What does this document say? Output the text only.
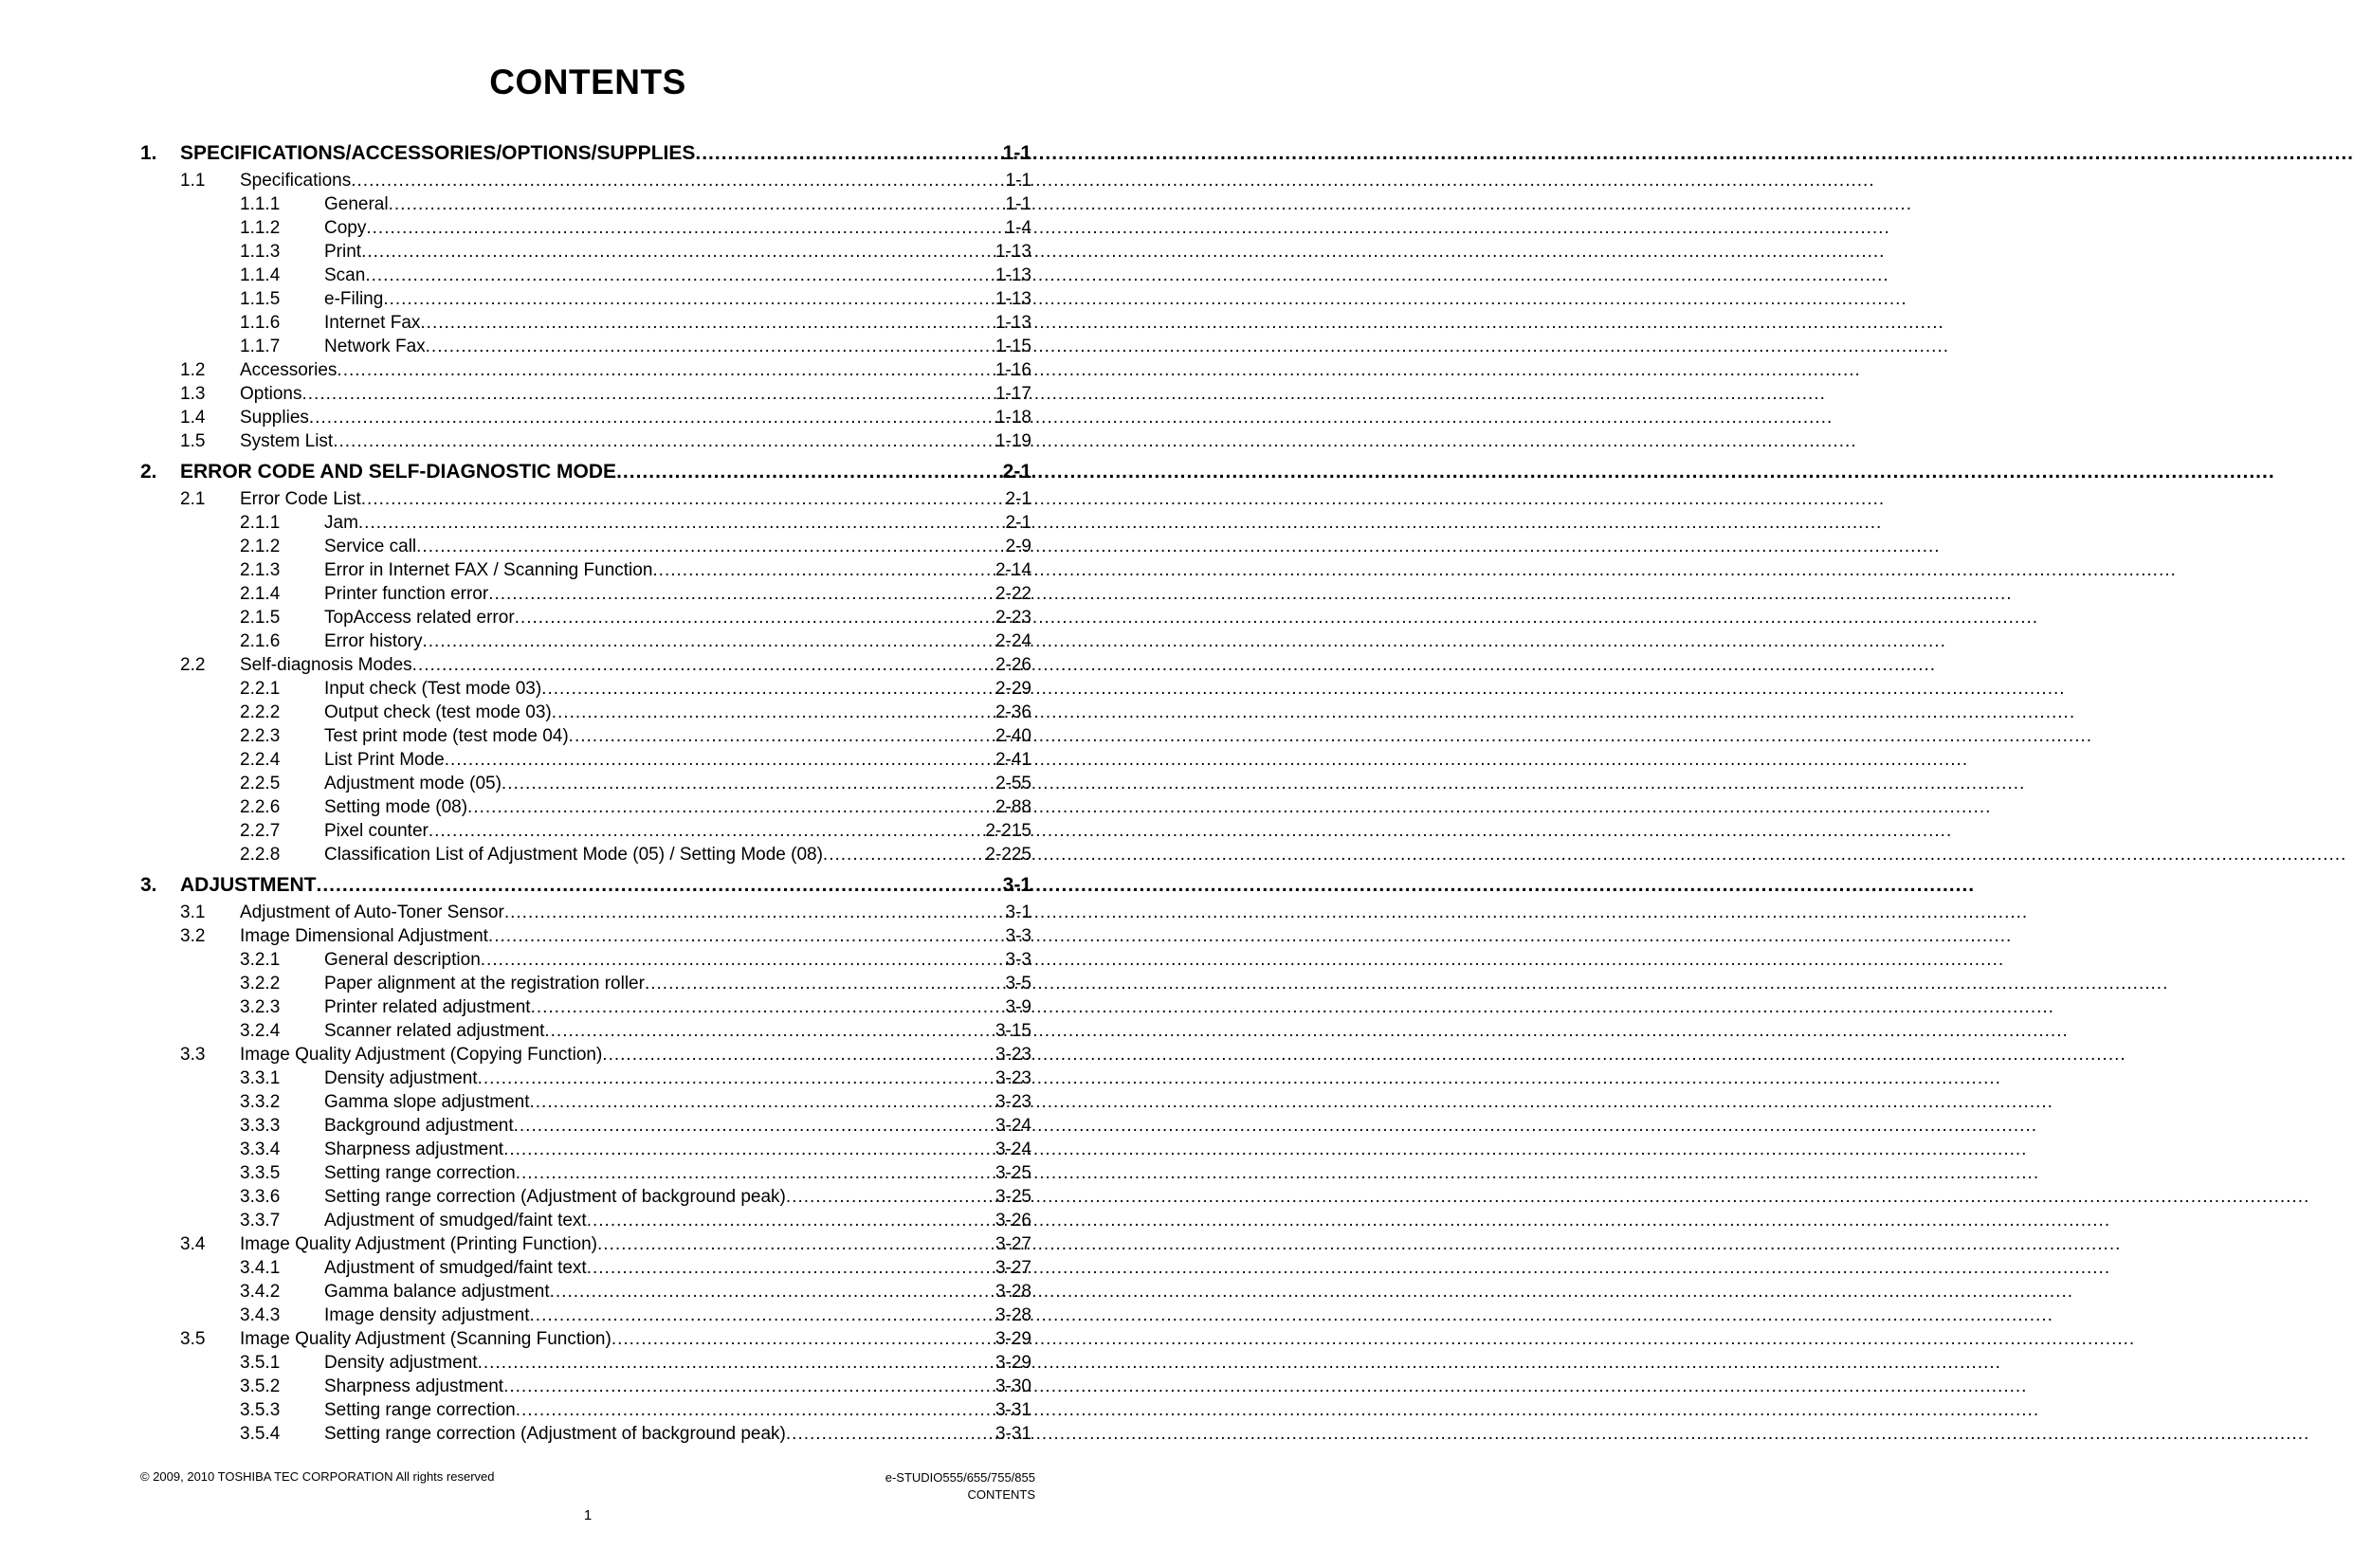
CONTENTS
1.	SPECIFICATIONS/ACCESSORIES/OPTIONS/SUPPLIES .....	1-1
1.1	Specifications .....	1-1
1.1.1	General .....	1-1
1.1.2	Copy .....	1-4
1.1.3	Print .....	1-13
1.1.4	Scan .....	1-13
1.1.5	e-Filing .....	1-13
1.1.6	Internet Fax .....	1-13
1.1.7	Network Fax .....	1-15
1.2	Accessories .....	1-16
1.3	Options .....	1-17
1.4	Supplies .....	1-18
1.5	System List .....	1-19
2.	ERROR CODE AND SELF-DIAGNOSTIC MODE .....	2-1
2.1	Error Code List .....	2-1
2.1.1	Jam .....	2-1
2.1.2	Service call .....	2-9
2.1.3	Error in Internet FAX / Scanning Function .....	2-14
2.1.4	Printer function error .....	2-22
2.1.5	TopAccess related error .....	2-23
2.1.6	Error history .....	2-24
2.2	Self-diagnosis Modes .....	2-26
2.2.1	Input check (Test mode 03) .....	2-29
2.2.2	Output check (test mode 03) .....	2-36
2.2.3	Test print mode (test mode 04) .....	2-40
2.2.4	List Print Mode .....	2-41
2.2.5	Adjustment mode (05) .....	2-55
2.2.6	Setting mode (08) .....	2-88
2.2.7	Pixel counter .....	2-215
2.2.8	Classification List of Adjustment Mode (05) / Setting Mode (08) .....	2-225
3.	ADJUSTMENT .....	3-1
3.1	Adjustment of Auto-Toner Sensor .....	3-1
3.2	Image Dimensional Adjustment .....	3-3
3.2.1	General description .....	3-3
3.2.2	Paper alignment at the registration roller .....	3-5
3.2.3	Printer related adjustment .....	3-9
3.2.4	Scanner related adjustment .....	3-15
3.3	Image Quality Adjustment (Copying Function) .....	3-23
3.3.1	Density adjustment .....	3-23
3.3.2	Gamma slope adjustment .....	3-23
3.3.3	Background adjustment .....	3-24
3.3.4	Sharpness adjustment .....	3-24
3.3.5	Setting range correction .....	3-25
3.3.6	Setting range correction (Adjustment of background peak) .....	3-25
3.3.7	Adjustment of smudged/faint text .....	3-26
3.4	Image Quality Adjustment (Printing Function) .....	3-27
3.4.1	Adjustment of smudged/faint text .....	3-27
3.4.2	Gamma balance adjustment .....	3-28
3.4.3	Image density adjustment .....	3-28
3.5	Image Quality Adjustment (Scanning Function) .....	3-29
3.5.1	Density adjustment .....	3-29
3.5.2	Sharpness adjustment .....	3-30
3.5.3	Setting range correction .....	3-31
3.5.4	Setting range correction (Adjustment of background peak) .....	3-31
© 2009, 2010 TOSHIBA TEC CORPORATION All rights reserved	e-STUDIO555/655/755/855
CONTENTS
1
